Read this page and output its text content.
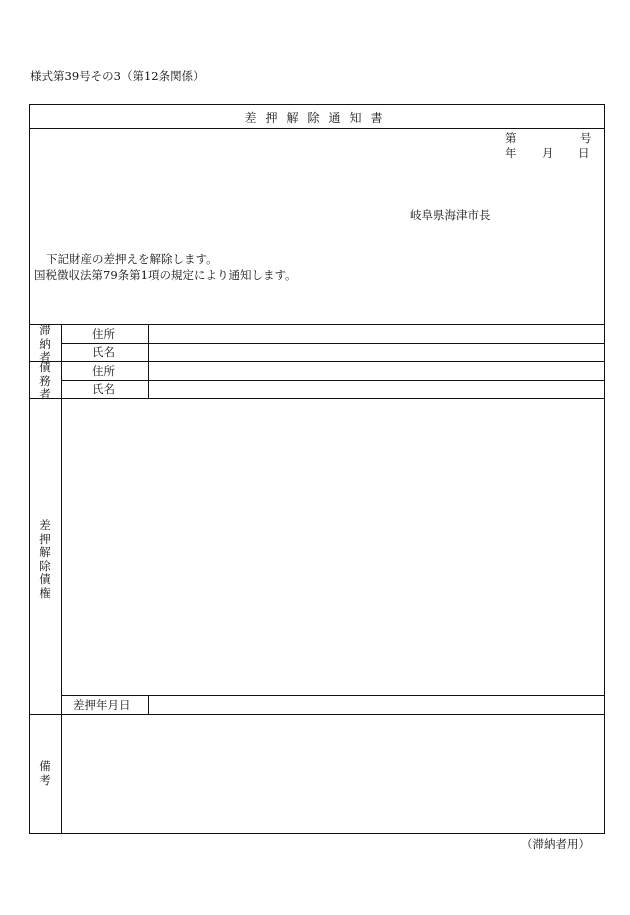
様式第39号その3（第12条関係）
差押解除通知書
第	号
年 月 日
岐阜県海津市長
下記財産の差押えを解除します。
国税徴収法第79条第1項の規定により通知します。
滞納者
債務者
差押解除債権
備考
住所
氏名
住所
氏名
差押年月日
（滞納者用）
